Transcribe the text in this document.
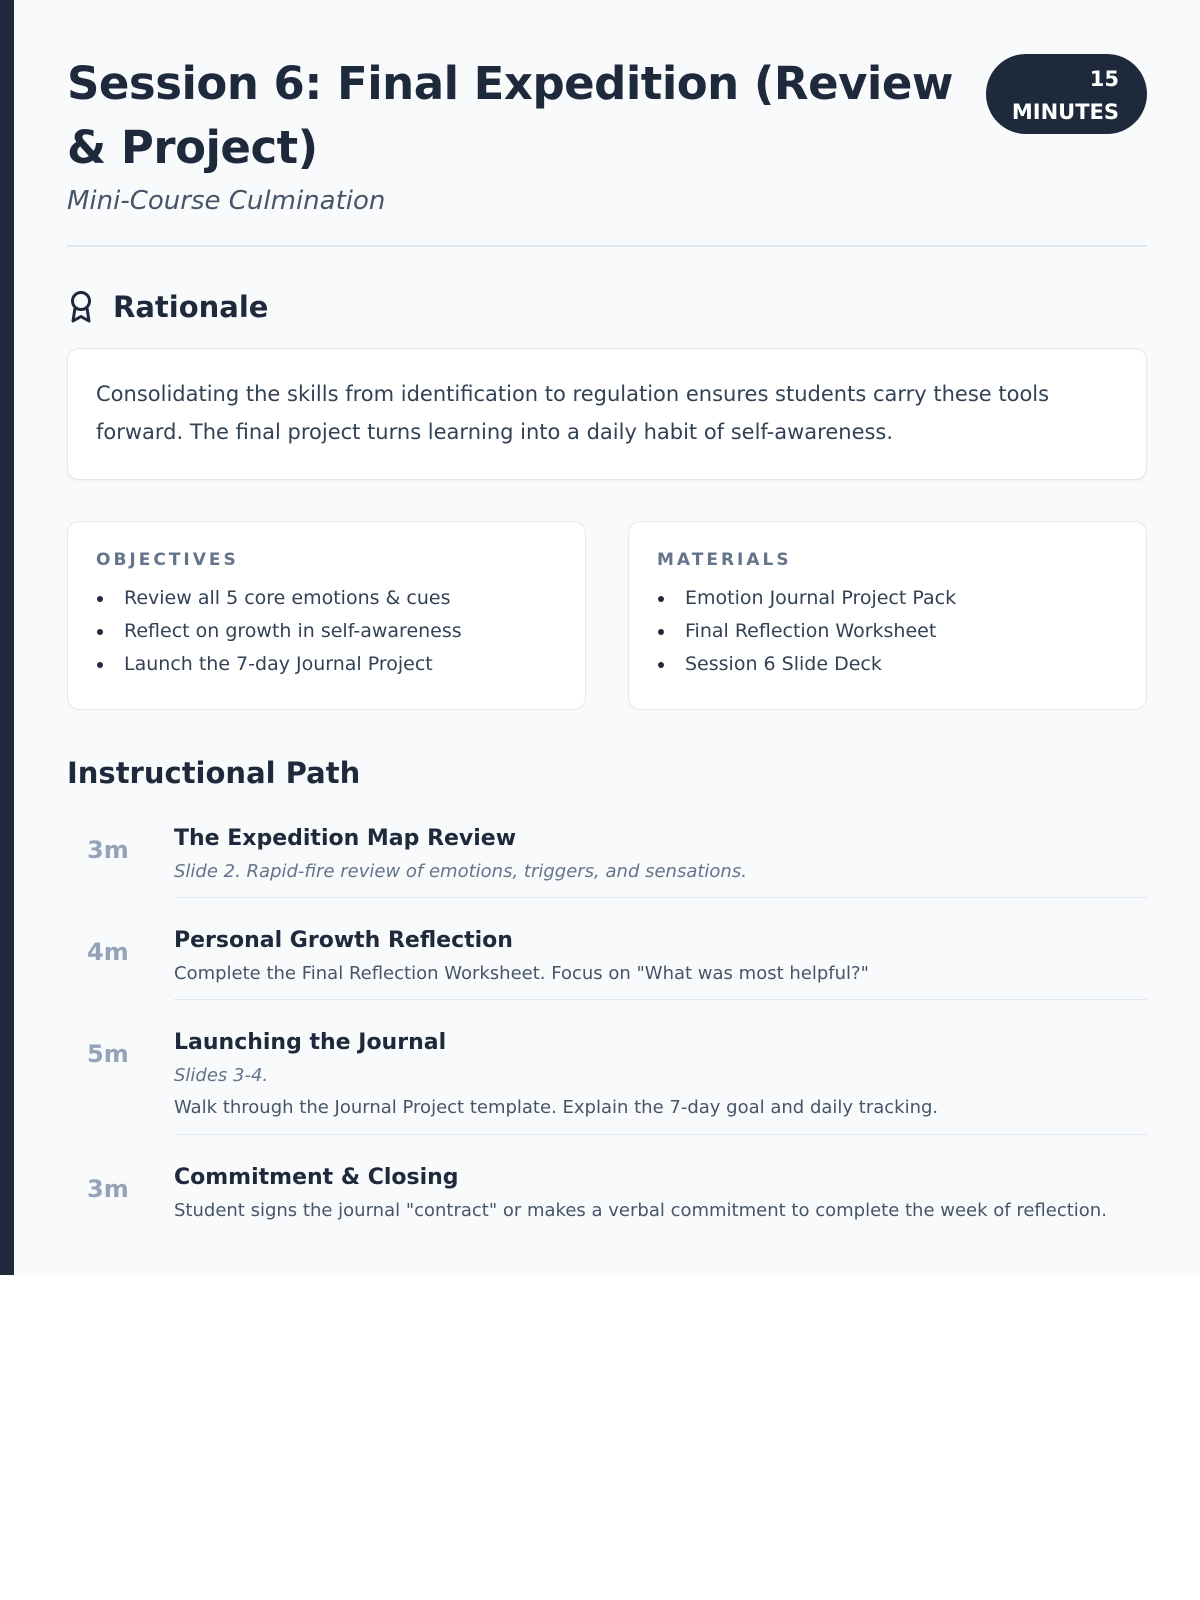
Session 6: Final Expedition (Review & Project)
Mini-Course Culmination
15
MINUTES
Rationale
Consolidating the skills from identification to regulation ensures students carry these tools forward. The final project turns learning into a daily habit of self-awareness.
OBJECTIVES
Review all 5 core emotions & cues
Reflect on growth in self-awareness
Launch the 7-day Journal Project
MATERIALS
Emotion Journal Project Pack
Final Reflection Worksheet
Session 6 Slide Deck
Instructional Path
3m The Expedition Map Review
Slide 2. Rapid-fire review of emotions, triggers, and sensations.
4m Personal Growth Reflection
Complete the Final Reflection Worksheet. Focus on "What was most helpful?"
5m Launching the Journal
Slides 3-4.
Walk through the Journal Project template. Explain the 7-day goal and daily tracking.
3m Commitment & Closing
Student signs the journal "contract" or makes a verbal commitment to complete the week of reflection.
